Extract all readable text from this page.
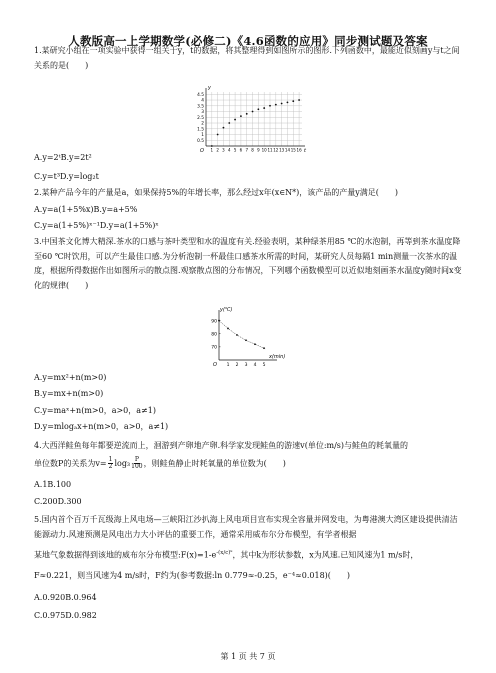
人教版高一上学期数学(必修二)《4.6函数的应用》同步测试题及答案
1.某研究小组在一项实验中获得一组关于y，t的数据，将其整理得到如图所示的图形.下列函数中，最能近似刻画y与t之间关系的是(　　)
y
t
O
0.5
1
1.5
2
2.5
3
3.5
4
4.5
1 2 3 4 5 6 7 8 9 10 11 12 13 14 15 16
A.y=2ᵗB.y=2t²
C.y=t³D.y=log₂t
2.某种产品今年的产量是a，如果保持5%的年增长率，那么经过x年(x∈N*)，该产品的产量y满足(　　)
A.y=a(1+5%x)B.y=a+5%
C.y=a(1+5%)ˣ⁻¹D.y=a(1+5%)ˣ
3.中国茶文化博大精深.茶水的口感与茶叶类型和水的温度有关.经验表明，某种绿茶用85 ℃的水泡制，再等到茶水温度降至60 ℃时饮用，可以产生最佳口感.为分析泡制一杯最佳口感茶水所需的时间，某研究人员每隔1 min测量一次茶水的温度，根据所得数据作出如图所示的散点图.观察散点图的分布情况，下列哪个函数模型可以近似地刻画茶水温度y随时间x变化的规律(　　)
y(℃)
x(min)
O
90
80
70
1 2 3 4 5
A.y=mx²+n(m>0)
B.y=mx+n(m>0)
C.y=maˣ+n(m>0，a>0，a≠1)
D.y=mlogₐx+n(m>0，a>0，a≠1)
4.大西洋鲑鱼每年都要逆流而上，洄游到产卵地产卵.科学家发现鲑鱼的游速v(单位:m/s)与鲑鱼的耗氧量的
单位数P的关系为$v= \frac{1}{2} \log_3 \frac{P}{100}$ ，则鲑鱼静止时耗氧量的单位数为(　　)
A.1B.100
C.200D.300
5.国内首个百万千瓦级海上风电场—三峡阳江沙扒海上风电项目宣布实现全容量并网发电，为粤港澳大湾区建设提供清洁能源动力.风速预测是风电出力大小评估的重要工作，通常采用威布尔分布模型，有学者根据
某地气象数据得到该地的威布尔分布模型$:F(x)=1-e^{-(x/c)ᵏ}$，其中k为形状参数，x为风速.已知风速为1 m/s时，
F≈0.221，则当风速为4 m/s时，F约为(参考数据:ln 0.779≈-0.25，e⁻⁴≈0.018)(　　)
A.0.920B.0.964
C.0.975D.0.982
第 1 页 共 7 页
